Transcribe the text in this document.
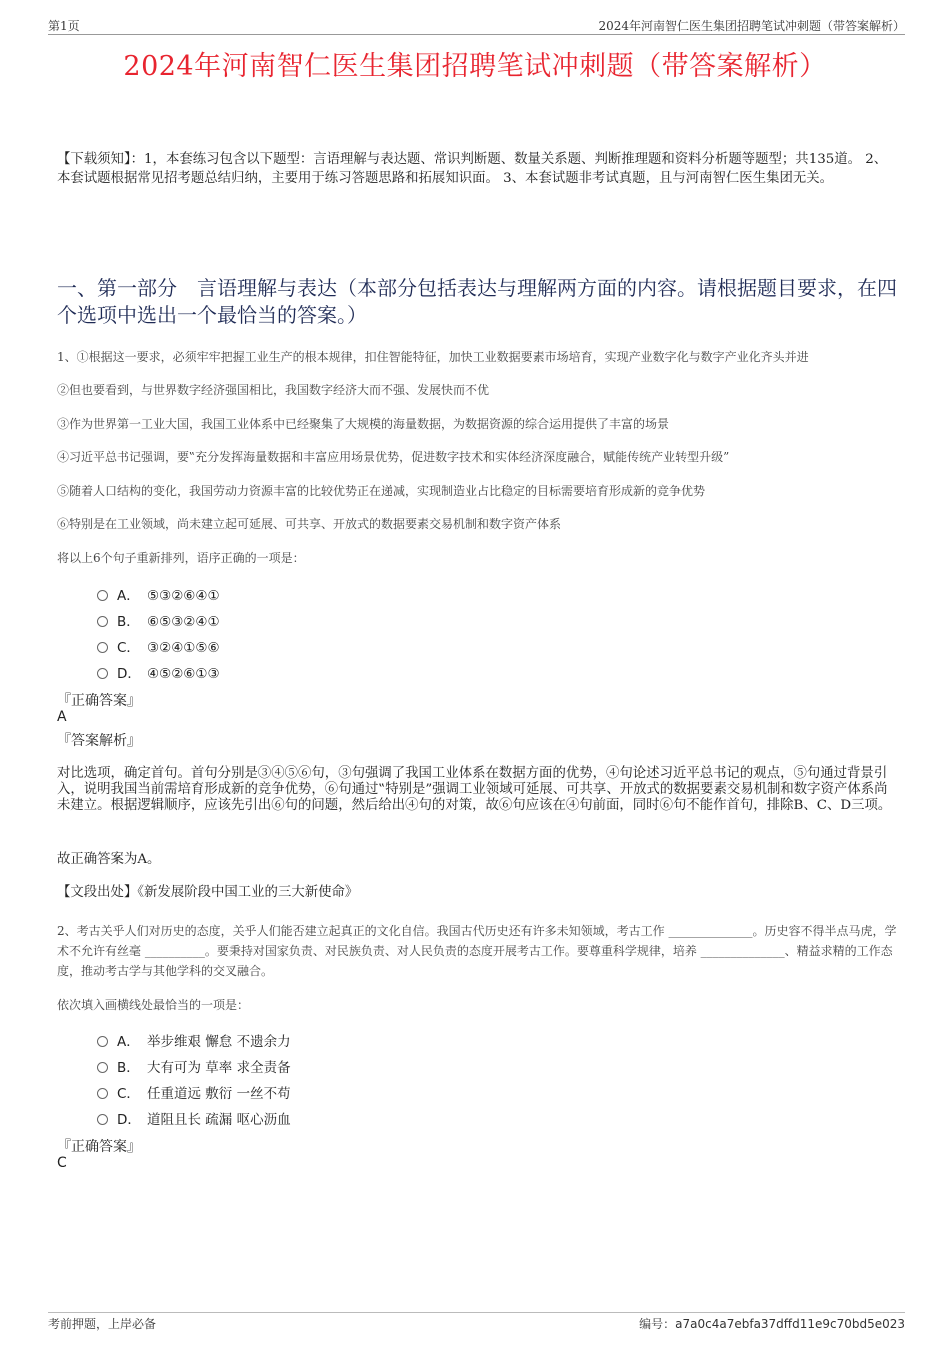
第1页	2024年河南智仁医生集团招聘笔试冲刺题（带答案解析）
2024年河南智仁医生集团招聘笔试冲刺题（带答案解析）
【下载须知】：1，本套练习包含以下题型：言语理解与表达题、常识判断题、数量关系题、判断推理题和资料分析题等题型；共135道。 2、本套试题根据常见招考题总结归纳，主要用于练习答题思路和拓展知识面。 3、本套试题非考试真题，且与河南智仁医生集团无关。
一、第一部分　言语理解与表达（本部分包括表达与理解两方面的内容。请根据题目要求，在四个选项中选出一个最恰当的答案。）
1、①根据这一要求，必须牢牢把握工业生产的根本规律，扣住智能特征，加快工业数据要素市场培育，实现产业数字化与数字产业化齐头并进
②但也要看到，与世界数字经济强国相比，我国数字经济大而不强、发展快而不优
③作为世界第一工业大国，我国工业体系中已经聚集了大规模的海量数据，为数据资源的综合运用提供了丰富的场景
④习近平总书记强调，要‟充分发挥海量数据和丰富应用场景优势，促进数字技术和实体经济深度融合，赋能传统产业转型升级”
⑤随着人口结构的变化，我国劳动力资源丰富的比较优势正在递减，实现制造业占比稳定的目标需要培育形成新的竞争优势
⑥特别是在工业领域，尚未建立起可延展、可共享、开放式的数据要素交易机制和数字资产体系
将以上6个句子重新排列，语序正确的一项是：
A． ⑤③②⑥④①
B． ⑥⑤③②④①
C． ③②④①⑤⑥
D． ④⑤②⑥①③
『正确答案』
A
『答案解析』
对比选项，确定首句。首句分别是③④⑤⑥句，③句强调了我国工业体系在数据方面的优势，④句论述习近平总书记的观点，⑤句通过背景引入，说明我国当前需培育形成新的竞争优势，⑥句通过‟特别是”强调工业领域可延展、可共享、开放式的数据要素交易机制和数字资产体系尚未建立。根据逻辑顺序，应该先引出⑥句的问题，然后给出④句的对策，故⑥句应该在④句前面，同时⑥句不能作首句，排除B、C、D三项。
故正确答案为A。
【文段出处】《新发展阶段中国工业的三大新使命》
2、考古关乎人们对历史的态度，关乎人们能否建立起真正的文化自信。我国古代历史还有许多未知领域，考古工作 ______________。历史容不得半点马虎，学术不允许有丝毫 __________。要秉持对国家负责、对民族负责、对人民负责的态度开展考古工作。要尊重科学规律，培养 ______________、精益求精的工作态度，推动考古学与其他学科的交叉融合。
依次填入画横线处最恰当的一项是：
A． 举步维艰 懈怠 不遗余力
B． 大有可为 草率 求全责备
C． 任重道远 敷衍 一丝不苟
D． 道阻且长 疏漏 呕心沥血
『正确答案』
C
考前押题，上岸必备	编号：a7a0c4a7ebfa37dffd11e9c70bd5e023
